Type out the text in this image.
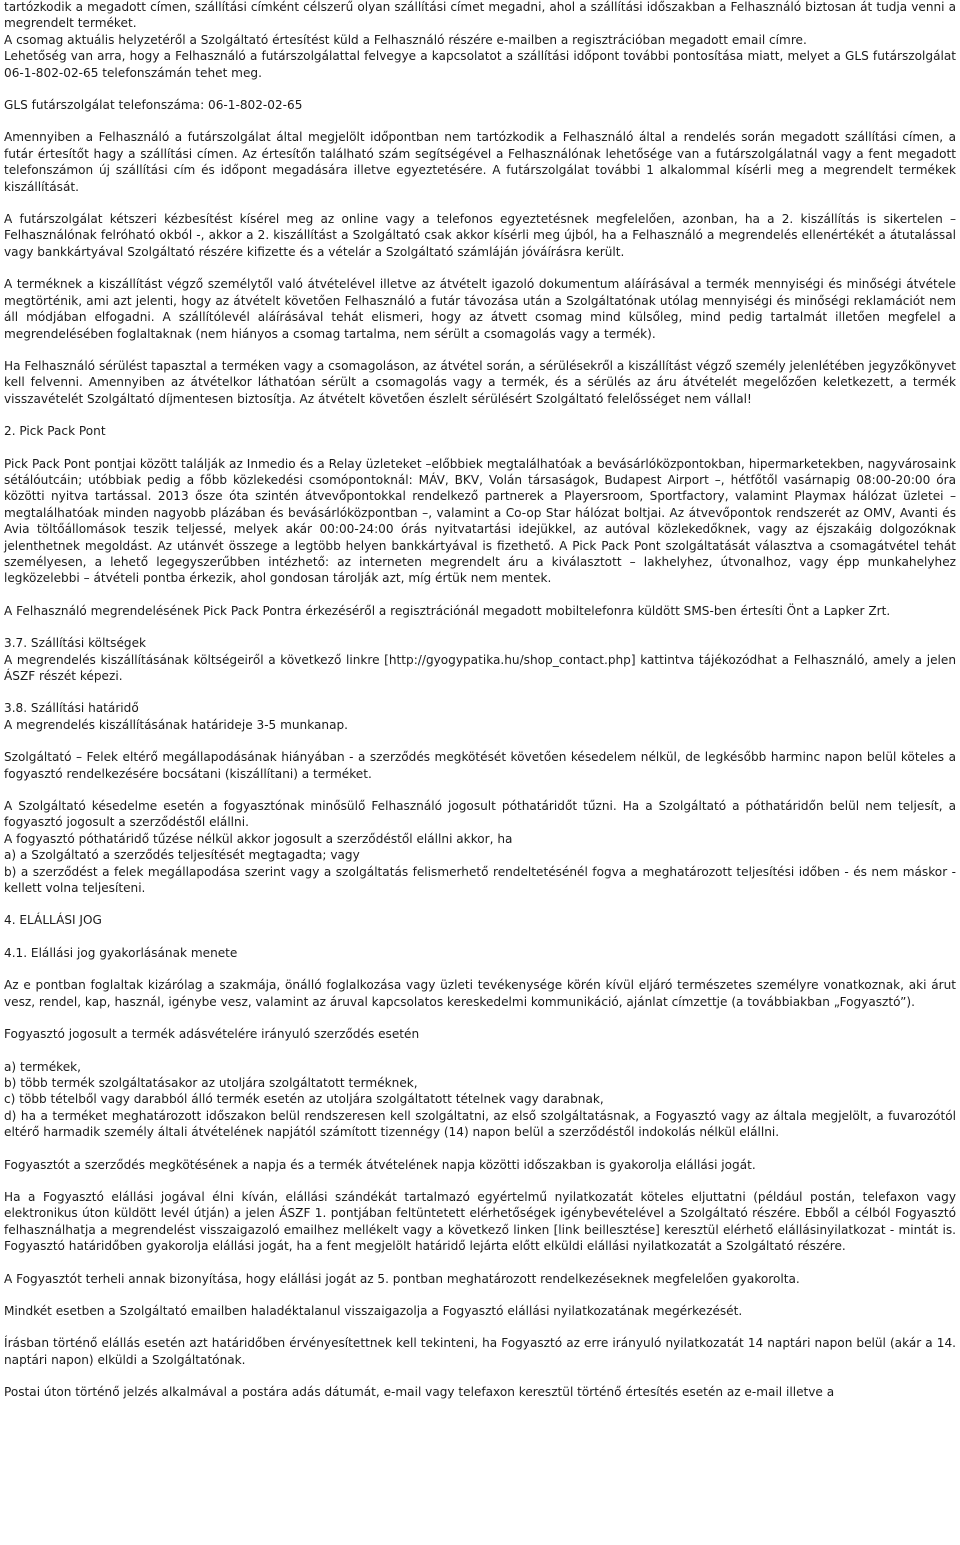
tartózkodik a megadott címen, szállítási címként célszerű olyan szállítási címet megadni, ahol a szállítási időszakban a Felhasználó biztosan át tudja venni a megrendelt terméket.

A csomag aktuális helyzetéről a Szolgáltató értesítést küld a Felhasználó részére e-mailben a regisztrációban megadott email címre.
Lehetőség van arra, hogy a Felhasználó a futárszolgálattal felvegye a kapcsolatot a szállítási időpont további pontosítása miatt, melyet a GLS futárszolgálat 06-1-802-02-65 telefonszámán tehet meg.

GLS futárszolgálat telefonszáma: 06-1-802-02-65

Amennyiben a Felhasználó a futárszolgálat által megjelölt időpontban nem tartózkodik a Felhasználó által a rendelés során megadott szállítási címen, a futár értesítőt hagy a szállítási címen. Az értesítőn található szám segítségével a Felhasználónak lehetősége van a futárszolgálatnál vagy a fent megadott telefonszámon új szállítási cím és időpont megadására illetve egyeztetésére. A futárszolgálat további 1 alkalommal kísérli meg a megrendelt termékek kiszállítását.

A futárszolgálat kétszeri kézbesítést kísérel meg az online vagy a telefonos egyeztetésnek megfelelően, azonban, ha a 2. kiszállítás is sikertelen – Felhasználónak felróható okból -, akkor a 2. kiszállítást a Szolgáltató csak akkor kísérli meg újból, ha a Felhasználó a megrendelés ellenértékét a átutalással vagy bankkártyával Szolgáltató részére kifizette és a vételár a Szolgáltató számláján jóváírásra került.

A terméknek a kiszállítást végző személytől való átvételével illetve az átvételt igazoló dokumentum aláírásával a termék mennyiségi és minőségi átvétele megtörténik, ami azt jelenti, hogy az átvételt követően Felhasználó a futár távozása után a Szolgáltatónak utólag mennyiségi és minőségi reklamációt nem áll módjában elfogadni. A szállítólevél aláírásával tehát elismeri, hogy az átvett csomag mind külsőleg, mind pedig tartalmát illetően megfelel a megrendelésében foglaltaknak (nem hiányos a csomag tartalma, nem sérült a csomagolás vagy a termék).

Ha Felhasználó sérülést tapasztal a terméken vagy a csomagoláson, az átvétel során, a sérülésekről a kiszállítást végző személy jelenlétében jegyzőkönyvet kell felvenni. Amennyiben az átvételkor láthatóan sérült a csomagolás vagy a termék, és a sérülés az áru átvételét megelőzően keletkezett, a termék visszavételét Szolgáltató díjmentesen biztosítja. Az átvételt követően észlelt sérülésért Szolgáltató felelősséget nem vállal!

2. Pick Pack Pont

Pick Pack Pont pontjai között találják az Inmedio és a Relay üzleteket –előbbiek megtalálhatóak a bevásárlóközpontokban, hipermarketekben, nagyvárosaink sétálóutcáin; utóbbiak pedig a főbb közlekedési csomópontoknál: MÁV, BKV, Volán társaságok, Budapest Airport –, hétfőtől vasárnapig 08:00-20:00 óra közötti nyitva tartással. 2013 ősze óta szintén átvevőpontokkal rendelkező partnerek a Playersroom, Sportfactory, valamint Playmax hálózat üzletei – megtalálhatóak minden nagyobb plázában és bevásárlóközpontban –, valamint a Co-op Star hálózat boltjai. Az átvevőpontok rendszerét az OMV, Avanti és Avia töltőállomások teszik teljessé, melyek akár 00:00-24:00 órás nyitvatartási idejükkel, az autóval közlekedőknek, vagy az éjszakáig dolgozóknak jelenthetnek megoldást. Az utánvét összege a legtöbb helyen bankkártyával is fizethető. A Pick Pack Pont szolgáltatását választva a csomagátvétel tehát személyesen, a lehető legegyszerűbben intézhető: az interneten megrendelt áru a kiválasztott – lakhelyhez, útvonalhoz, vagy épp munkahelyhez legközelebbi – átvételi pontba érkezik, ahol gondosan tárolják azt, míg értük nem mentek.

A Felhasználó megrendelésének Pick Pack Pontra érkezéséről a regisztrációnál megadott mobiltelefonra küldött SMS-ben értesíti Önt a Lapker Zrt.

3.7. Szállítási költségek
A megrendelés kiszállításának költségeiről a következő linkre [http://gyogypatika.hu/shop_contact.php] kattintva tájékozódhat a Felhasználó, amely a jelen ÁSZF részét képezi.

3.8. Szállítási határidő
A megrendelés kiszállításának határideje 3-5 munkanap.

Szolgáltató – Felek eltérő megállapodásának hiányában - a szerződés megkötését követően késedelem nélkül, de legkésőbb harminc napon belül köteles a fogyasztó rendelkezésére bocsátani (kiszállítani) a terméket.

A Szolgáltató késedelme esetén a fogyasztónak minősülő Felhasználó jogosult póthatáridőt tűzni. Ha a Szolgáltató a póthatáridőn belül nem teljesít, a fogyasztó jogosult a szerződéstől elállni.
A fogyasztó póthatáridő tűzése nélkül akkor jogosult a szerződéstől elállni akkor, ha
a) a Szolgáltató a szerződés teljesítését megtagadta; vagy
b) a szerződést a felek megállapodása szerint vagy a szolgáltatás felismerhető rendeltetésénél fogva a meghatározott teljesítési időben - és nem máskor - kellett volna teljesíteni.

4. ELÁLLÁSI JOG

4.1. Elállási jog gyakorlásának menete

Az e pontban foglaltak kizárólag a szakmája, önálló foglalkozása vagy üzleti tevékenysége körén kívül eljáró természetes személyre vonatkoznak, aki árut vesz, rendel, kap, használ, igénybe vesz, valamint az áruval kapcsolatos kereskedelmi kommunikáció, ajánlat címzettje (a továbbiakban „Fogyasztó”).

Fogyasztó jogosult a termék adásvételére irányuló szerződés esetén

a) termékek,
b) több termék szolgáltatásakor az utoljára szolgáltatott terméknek,
c) több tételből vagy darabból álló termék esetén az utoljára szolgáltatott tételnek vagy darabnak,
d) ha a terméket meghatározott időszakon belül rendszeresen kell szolgáltatni, az első szolgáltatásnak, a Fogyasztó vagy az általa megjelölt, a fuvarozótól eltérő harmadik személy általi átvételének napjától számított tizennégy (14) napon belül a szerződéstől indokolás nélkül elállni.

Fogyasztót a szerződés megkötésének a napja és a termék átvételének napja közötti időszakban is gyakorolja elállási jogát.

Ha a Fogyasztó elállási jogával élni kíván, elállási szándékát tartalmazó egyértelmű nyilatkozatát köteles eljuttatni (például postán, telefaxon vagy elektronikus úton küldött levél útján) a jelen ÁSZF 1. pontjában feltüntetett elérhetőségek igénybevételével a Szolgáltató részére. Ebből a célból Fogyasztó felhasználhatja a megrendelést visszaigazoló emailhez mellékelt vagy a következő linken [link beillesztése] keresztül elérhető elállásinyilatkozat - mintát is. Fogyasztó határidőben gyakorolja elállási jogát, ha a fent megjelölt határidő lejárta előtt elküldi elállási nyilatkozatát a Szolgáltató részére.

A Fogyasztót terheli annak bizonyítása, hogy elállási jogát az 5. pontban meghatározott rendelkezéseknek megfelelően gyakorolta.

Mindkét esetben a Szolgáltató emailben haladéktalanul visszaigazolja a Fogyasztó elállási nyilatkozatának megérkezését.

Írásban történő elállás esetén azt határidőben érvényesítettnek kell tekinteni, ha Fogyasztó az erre irányuló nyilatkozatát 14 naptári napon belül (akár a 14. naptári napon) elküldi a Szolgáltatónak.

Postai úton történő jelzés alkalmával a postára adás dátumát, e-mail vagy telefaxon keresztül történő értesítés esetén az e-mail illetve a
